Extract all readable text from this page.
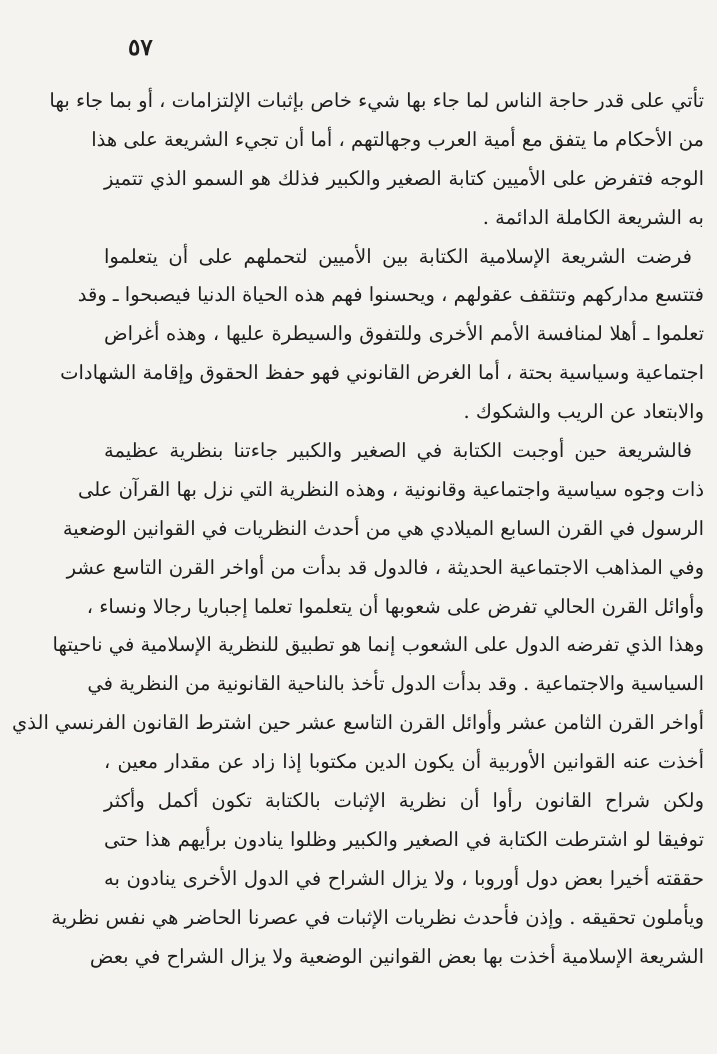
٥٧
تأتي على قدر حاجة الناس لما جاء بها شيء خاص بإثبات الإلتزامات ، أو بما جاء بها
من الأحكام ما يتفق مع أمية العرب وجهالتهم ، أما أن تجيء الشريعة على هذا
الوجه فتفرض على الأميين كتابة الصغير والكبير فذلك هو السمو الذي تتميز
به الشريعة الكاملة الدائمة .
فرضت الشريعة الإسلامية الكتابة بين الأميين لتحملهم على أن يتعلموا
فتتسع مداركهم وتتثقف عقولهم ، ويحسنوا فهم هذه الحياة الدنيا فيصبحوا ـ وقد
تعلموا ـ أهلا لمنافسة الأمم الأخرى وللتفوق والسيطرة عليها ، وهذه أغراض
اجتماعية وسياسية بحتة ، أما الغرض القانوني فهو حفظ الحقوق وإقامة الشهادات
والابتعاد عن الريب والشكوك .
فالشريعة حين أوجبت الكتابة في الصغير والكبير جاءتنا بنظرية عظيمة
ذات وجوه سياسية واجتماعية وقانونية ، وهذه النظرية التي نزل بها القرآن على
الرسول في القرن السابع الميلادي هي من أحدث النظريات في القوانين الوضعية
وفي المذاهب الاجتماعية الحديثة ، فالدول قد بدأت من أواخر القرن التاسع عشر
وأوائل القرن الحالي تفرض على شعوبها أن يتعلموا تعلما إجباريا رجالا ونساء ،
وهذا الذي تفرضه الدول على الشعوب إنما هو تطبيق للنظرية الإسلامية في ناحيتها
السياسية والاجتماعية . وقد بدأت الدول تأخذ بالناحية القانونية من النظرية في
أواخر القرن الثامن عشر وأوائل القرن التاسع عشر حين اشترط القانون الفرنسي الذي
أخذت عنه القوانين الأوربية أن يكون الدين مكتوبا إذا زاد عن مقدار معين ،
ولكن شراح القانون رأوا أن نظرية الإثبات بالكتابة تكون أكمل وأكثر
توفيقا لو اشترطت الكتابة في الصغير والكبير وظلوا ينادون برأيهم هذا حتى
حققته أخيرا بعض دول أوروبا ، ولا يزال الشراح في الدول الأخرى ينادون به
ويأملون تحقيقه . وإذن فأحدث نظريات الإثبات في عصرنا الحاضر هي نفس نظرية
الشريعة الإسلامية أخذت بها بعض القوانين الوضعية ولا يزال الشراح في بعض
